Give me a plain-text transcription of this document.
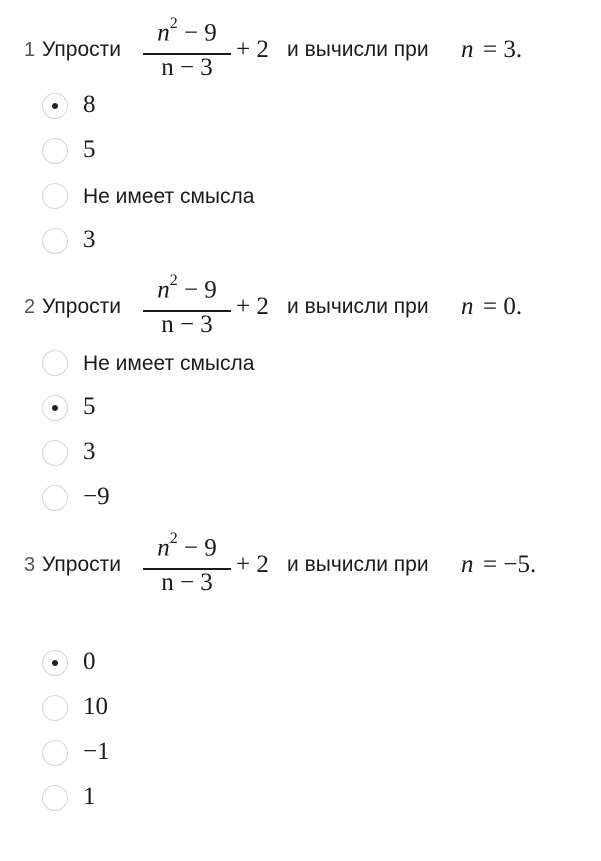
1 Упрости
$n^2 - 9$
n − 3
+ 2 и вычисли при n = 3.
8
5
Не имеет смысла
3
2 Упрости
$n^2 - 9$
n − 3
+ 2 и вычисли при n = 0.
Не имеет смысла
5
3
−9
3 Упрости
$n^2 - 9$
n − 3
+ 2 и вычисли при n = −5.
0
10
−1
1
